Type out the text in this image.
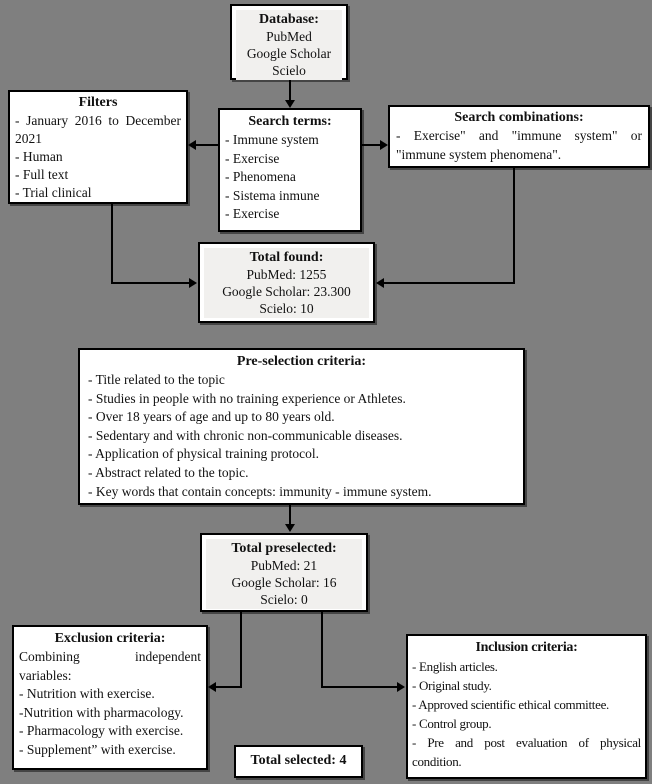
Database:
PubMed
Google Scholar
Scielo
Filters
- January 2016 to December 2021
- Human
- Full text
- Trial clinical
Search terms:
- Immune system
- Exercise
- Phenomena
- Sistema inmune
- Exercise
Search combinations:
- Exercise" and "immune system" or "immune system phenomena".
Total found:
PubMed: 1255
Google Scholar: 23.300
Scielo: 10
Pre-selection criteria:
- Title related to the topic
- Studies in people with no training experience or Athletes.
- Over 18 years of age and up to 80 years old.
- Sedentary and with chronic non-communicable diseases.
- Application of physical training protocol.
- Abstract related to the topic.
- Key words that contain concepts: immunity - immune system.
Total preselected:
PubMed: 21
Google Scholar: 16
Scielo: 0
Exclusion criteria:
Combining independent variables:
- Nutrition with exercise.
-Nutrition with pharmacology.
- Pharmacology with exercise.
- Supplement” with exercise.
Inclusion criteria:
- English articles.
- Original study.
- Approved scientific ethical committee.
- Control group.
- Pre and post evaluation of physical condition.
Total selected: 4
